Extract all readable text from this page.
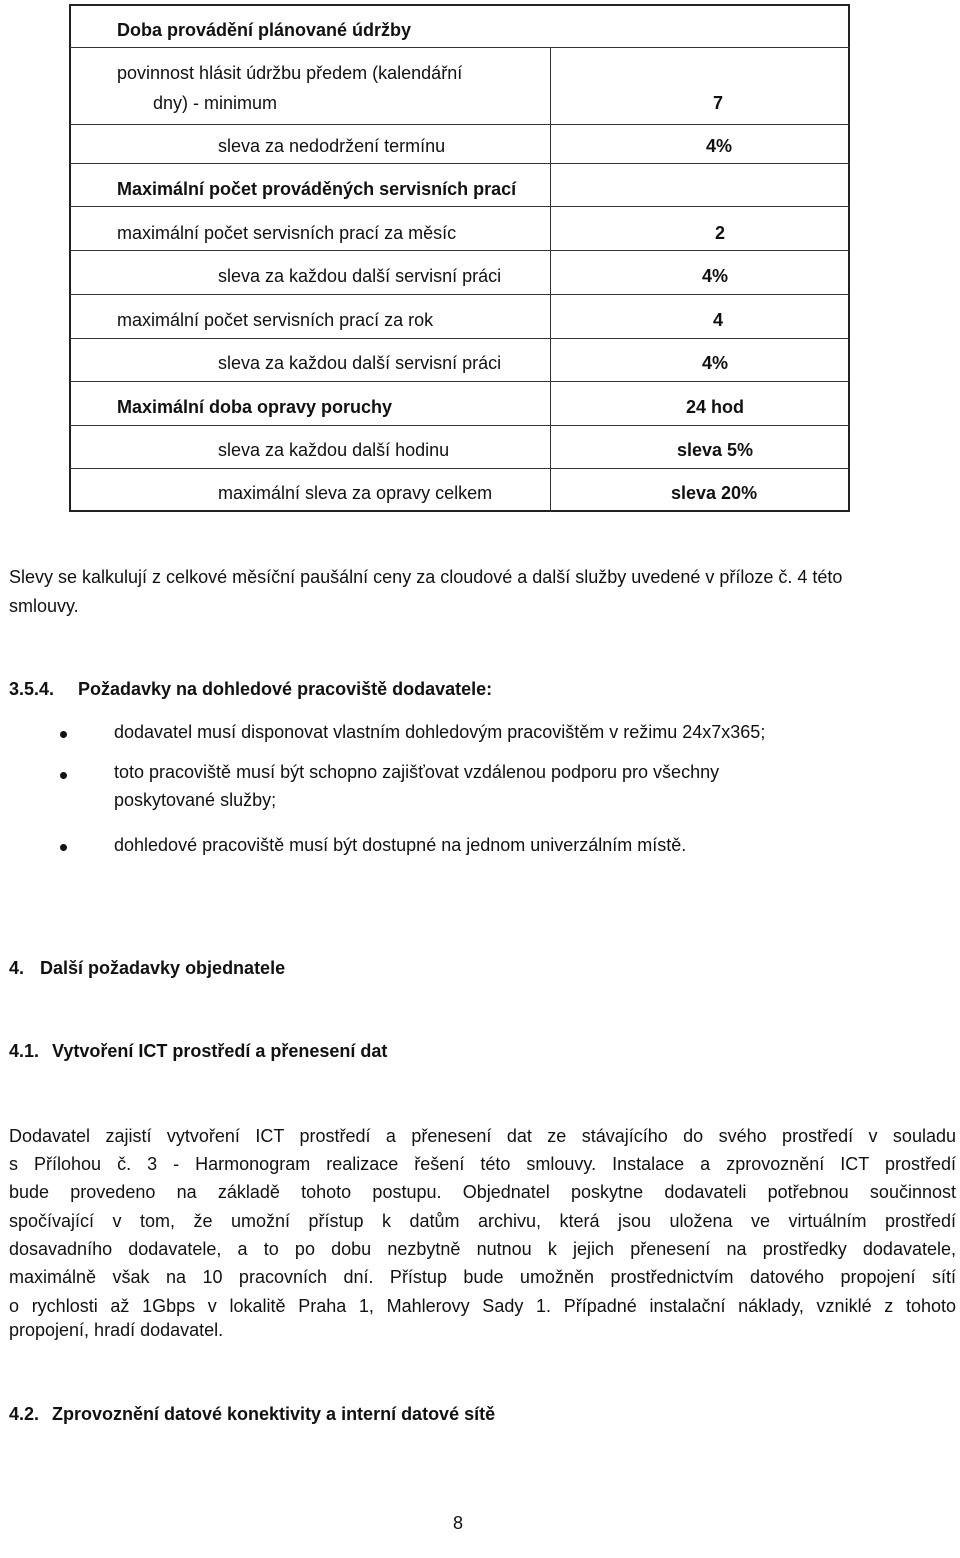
Doba provádění plánované údržby
povinnost hlásit údržbu předem (kalendářní
dny) - minimum	7
sleva za nedodržení termínu	4%
Maximální počet prováděných servisních prací
maximální počet servisních prací za měsíc	2
sleva za každou další servisní práci	4%
maximální počet servisních prací za rok	4
sleva za každou další servisní práci	4%
Maximální doba opravy poruchy	24 hod
sleva za každou další hodinu	sleva 5%
maximální sleva za opravy celkem	sleva 20%
Slevy se kalkulují z celkové měsíční paušální ceny za cloudové a další služby uvedené v příloze č. 4 této
smlouvy.
3.5.4. Požadavky na dohledové pracoviště dodavatele:
dodavatel musí disponovat vlastním dohledovým pracovištěm v režimu 24x7x365;
toto pracoviště musí být schopno zajišťovat vzdálenou podporu pro všechny
poskytované služby;
dohledové pracoviště musí být dostupné na jednom univerzálním místě.
4. Další požadavky objednatele
4.1. Vytvoření ICT prostředí a přenesení dat
Dodavatel zajistí vytvoření ICT prostředí a přenesení dat ze stávajícího do svého prostředí v souladu
s Přílohou č. 3 - Harmonogram realizace řešení této smlouvy. Instalace a zprovoznění ICT prostředí
bude provedeno na základě tohoto postupu. Objednatel poskytne dodavateli potřebnou součinnost
spočívající v tom, že umožní přístup k datům archivu, která jsou uložena ve virtuálním prostředí
dosavadního dodavatele, a to po dobu nezbytně nutnou k jejich přenesení na prostředky dodavatele,
maximálně však na 10 pracovních dní. Přístup bude umožněn prostřednictvím datového propojení sítí
o rychlosti až 1Gbps v lokalitě Praha 1, Mahlerovy Sady 1. Případné instalační náklady, vzniklé z tohoto
propojení, hradí dodavatel.
4.2. Zprovoznění datové konektivity a interní datové sítě
8
